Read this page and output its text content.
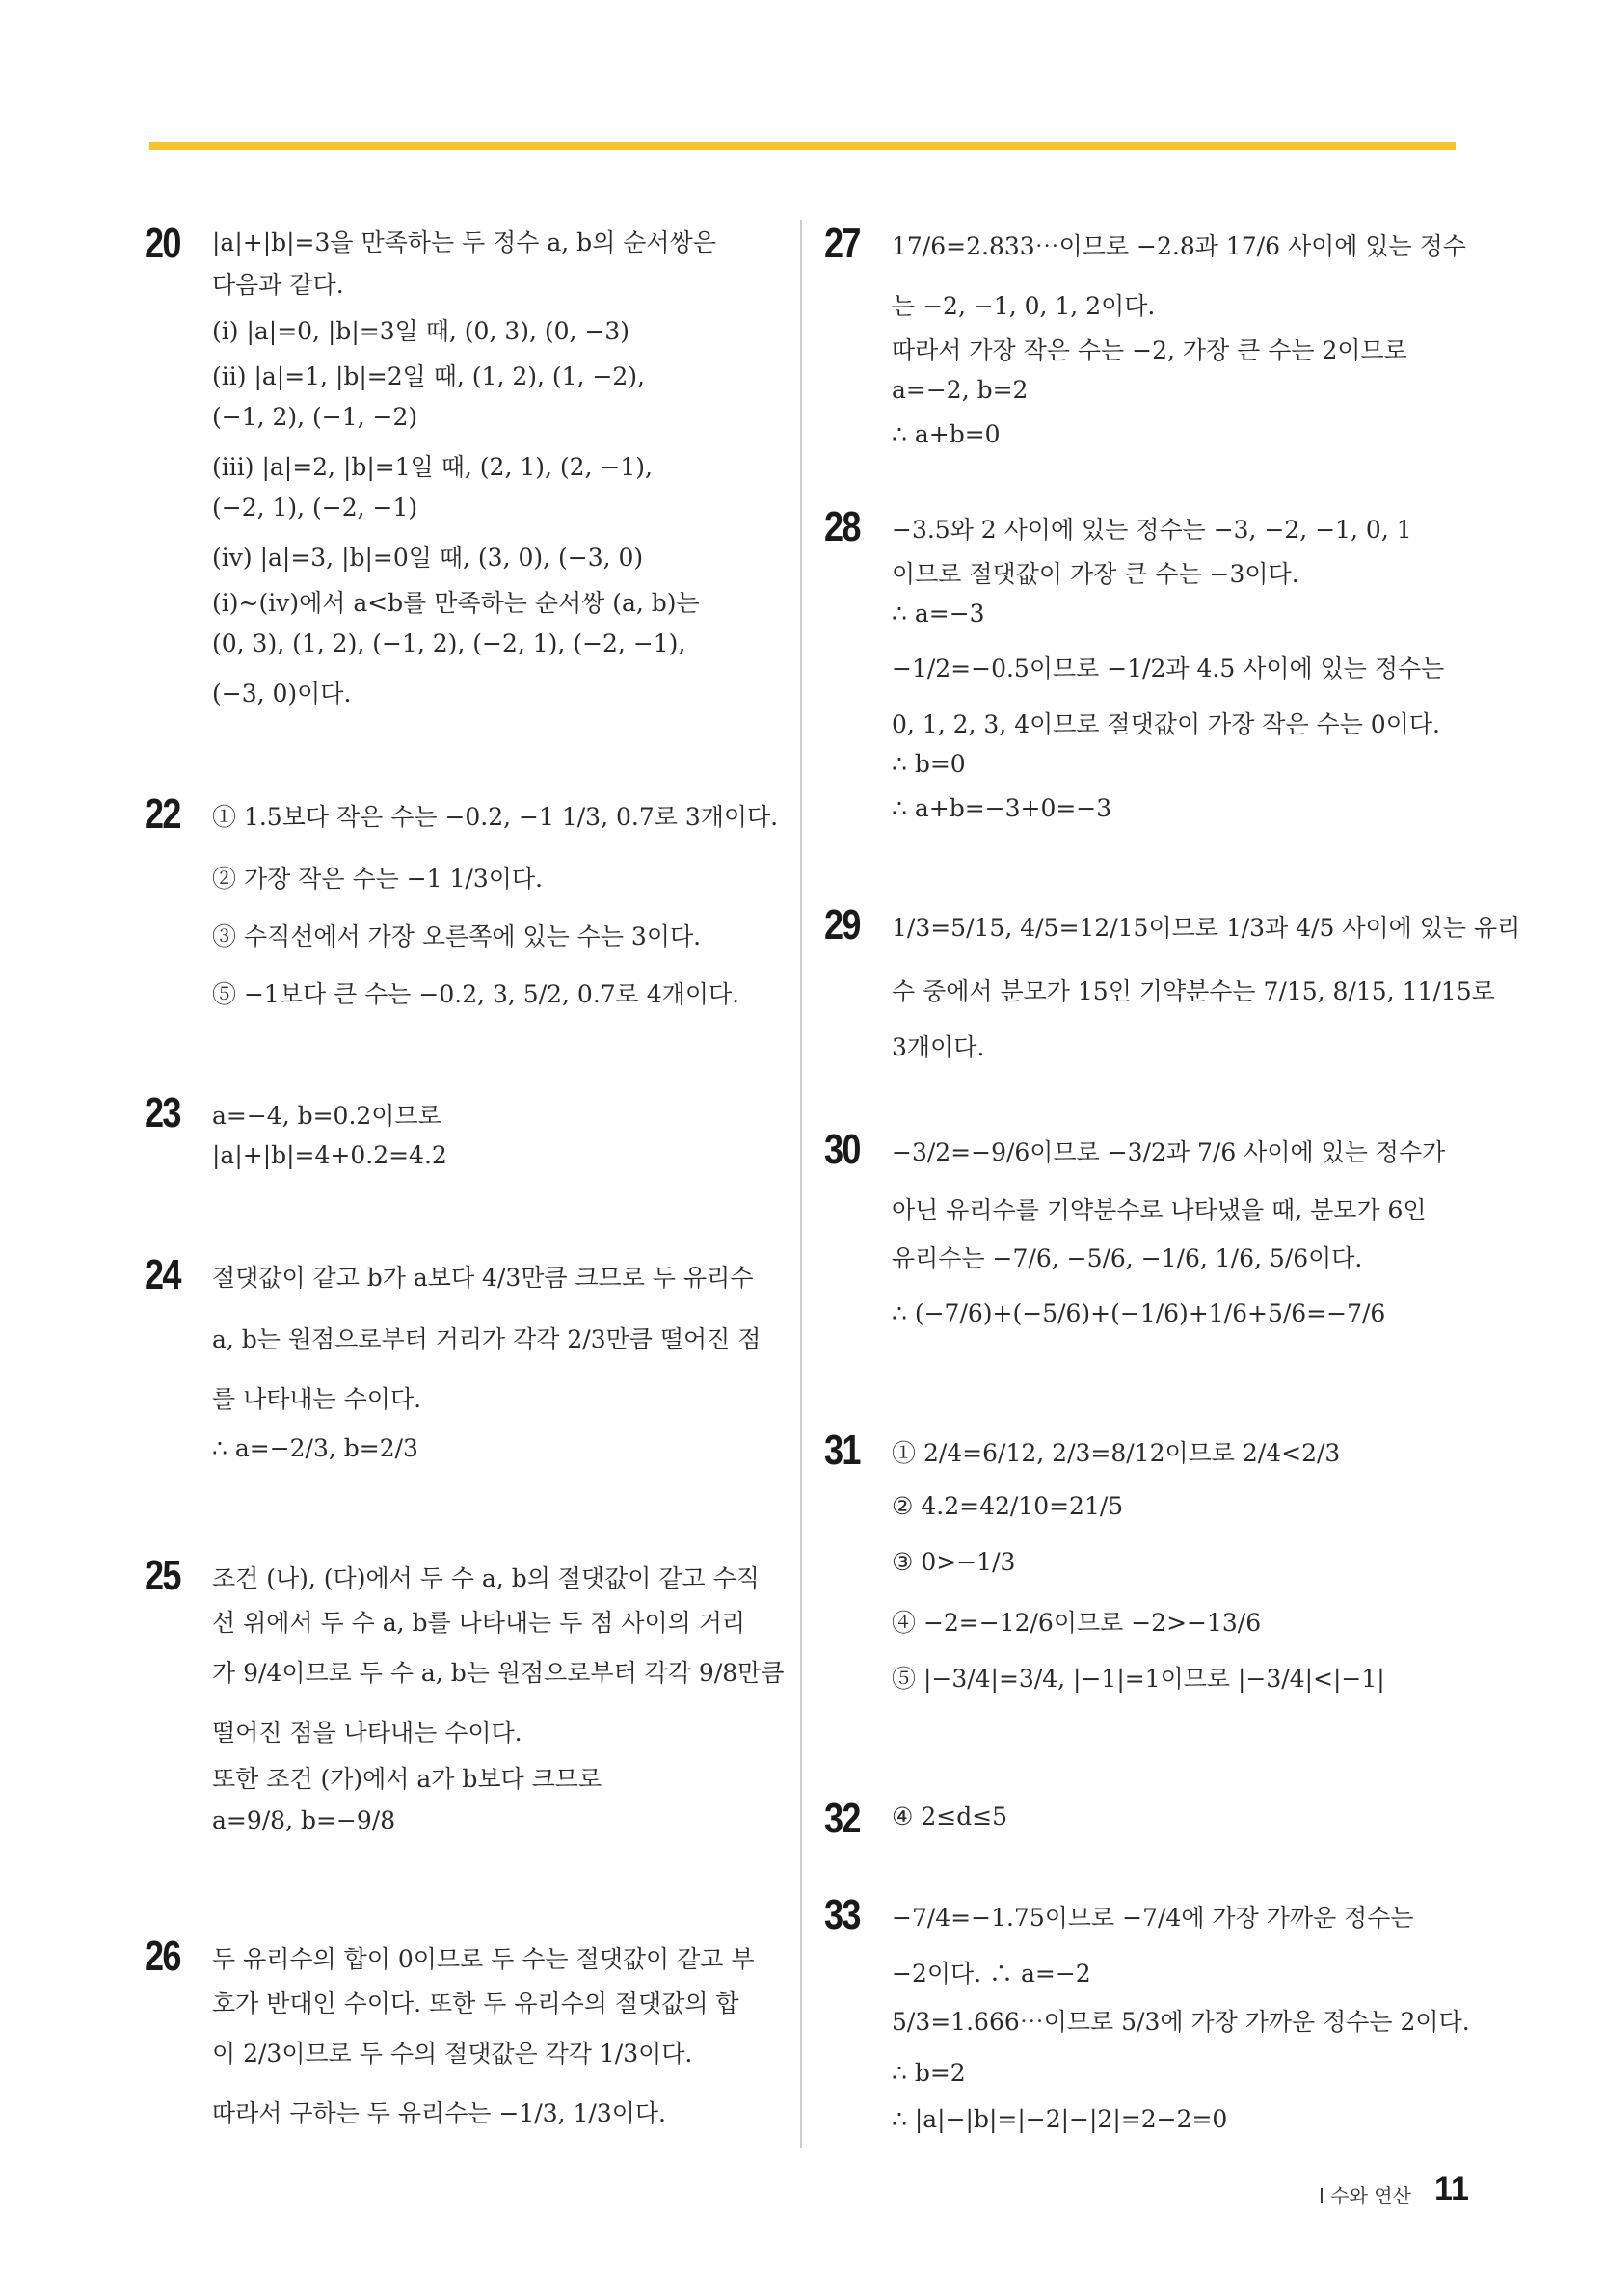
20 |a|+|b|=3을 만족하는 두 정수 a, b의 순서쌍은
다음과 같다.
(ⅰ) |a|=0, |b|=3일 때, (0, 3), (0, −3)
(ⅱ) |a|=1, |b|=2일 때, (1, 2), (1, −2),
(−1, 2), (−1, −2)
(ⅲ) |a|=2, |b|=1일 때, (2, 1), (2, −1),
(−2, 1), (−2, −1)
(ⅳ) |a|=3, |b|=0일 때, (3, 0), (−3, 0)
(ⅰ)~(ⅳ)에서 a<b를 만족하는 순서쌍 (a, b)는
(0, 3), (1, 2), (−1, 2), (−2, 1), (−2, −1),
(−3, 0)이다.
22 ① 1.5보다 작은 수는 −0.2, −1 1/3, 0.7로 3개이다.
② 가장 작은 수는 −1 1/3이다.
③ 수직선에서 가장 오른쪽에 있는 수는 3이다.
⑤ −1보다 큰 수는 −0.2, 3, 5/2, 0.7로 4개이다.
23 a=−4, b=0.2이므로
|a|+|b|=4+0.2=4.2
24 절댓값이 같고 b가 a보다 4/3만큼 크므로 두 유리수
a, b는 원점으로부터 거리가 각각 2/3만큼 떨어진 점
를 나타내는 수이다.
∴ a=−2/3, b=2/3
25 조건 (나), (다)에서 두 수 a, b의 절댓값이 같고 수직
선 위에서 두 수 a, b를 나타내는 두 점 사이의 거리
가 9/4이므로 두 수 a, b는 원점으로부터 각각 9/8만큼
떨어진 점을 나타내는 수이다.
또한 조건 (가)에서 a가 b보다 크므로
a=9/8, b=−9/8
26 두 유리수의 합이 0이므로 두 수는 절댓값이 같고 부
호가 반대인 수이다. 또한 두 유리수의 절댓값의 합
이 2/3이므로 두 수의 절댓값은 각각 1/3이다.
따라서 구하는 두 유리수는 −1/3, 1/3이다.
27 17/6=2.833⋯이므로 −2.8과 17/6 사이에 있는 정수
는 −2, −1, 0, 1, 2이다.
따라서 가장 작은 수는 −2, 가장 큰 수는 2이므로
a=−2, b=2
∴ a+b=0
28 −3.5와 2 사이에 있는 정수는 −3, −2, −1, 0, 1
이므로 절댓값이 가장 큰 수는 −3이다.
∴ a=−3
−1/2=−0.5이므로 −1/2과 4.5 사이에 있는 정수는
0, 1, 2, 3, 4이므로 절댓값이 가장 작은 수는 0이다.
∴ b=0
∴ a+b=−3+0=−3
29 1/3=5/15, 4/5=12/15이므로 1/3과 4/5 사이에 있는 유리
수 중에서 분모가 15인 기약분수는 7/15, 8/15, 11/15로
3개이다.
30 −3/2=−9/6이므로 −3/2과 7/6 사이에 있는 정수가
아닌 유리수를 기약분수로 나타냈을 때, 분모가 6인
유리수는 −7/6, −5/6, −1/6, 1/6, 5/6이다.
∴ (−7/6)+(−5/6)+(−1/6)+1/6+5/6=−7/6
31 ① 2/4=6/12, 2/3=8/12이므로 2/4<2/3
② 4.2=42/10=21/5
③ 0>−1/3
④ −2=−12/6이므로 −2>−13/6
⑤ |−3/4|=3/4, |−1|=1이므로 |−3/4|<|−1|
32 ④ 2≤d≤5
33 −7/4=−1.75이므로 −7/4에 가장 가까운 정수는
−2이다. ∴ a=−2
5/3=1.666⋯이므로 5/3에 가장 가까운 정수는 2이다.
∴ b=2
∴ |a|−|b|=|−2|−|2|=2−2=0
Ⅰ 수와 연산 11
